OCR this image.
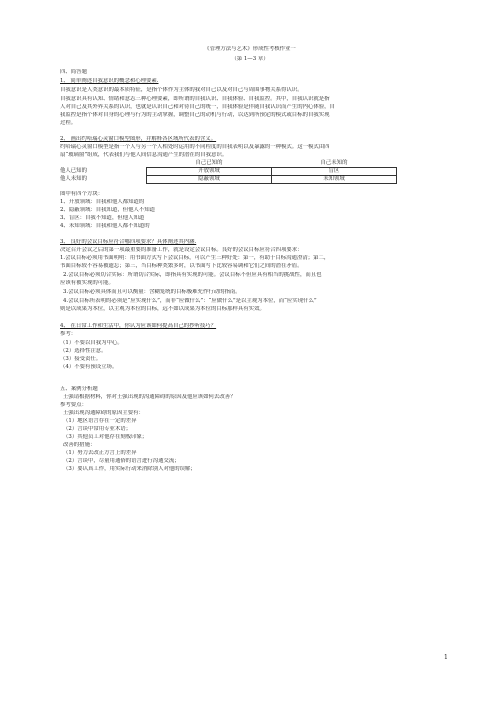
《管理方法与艺术》形成性考核作业一
（第 1—3 章）
四、简答题
1、 简单阐述自我意识的概念和心理要素.
自我意识是人类意识的最本质特征，是指个体作为主体的我对自己以及对自己与周围事物关系得认识。
自我意识具有认知、情绪和意志三种心理要素，即所谓的自我认识、自我体验、自我监控。其中，自我认识就是指
人对自己及其外界关系的认识，也就是认识自己和对待自己的统一，自我体验是伴随自我认识而产生的内心体验，自
我监控是指个体对自身的心理与行为的主动掌握，调整自己的动机与行动，以达到所预定的模式或目标的自我实现
过程。
2、 画出约哈瑞心灵窗口模型图形，并解释各区域所代表的含义。
约哈瑞心灵窗口模型是指一个人与另一个人相处时运用的不同程度的自我表明以及暴露的一种模式。这一模式由四
扇“玻璃窗”组成，代表我们与他人间信息沟通产生的潜在的自我意识。
	自己已知的	自己未知的
他人已知的	开放领域	盲区
他人未知的	隐蔽领域	未知领域
图中有四个方块：
1、开放领域：自我和他人都知道的
2、隐蔽领域：自我知道，但他人不知道
3、盲区：自我不知道，但他人知道
4、未知领域：自我和他人都不知道的
3、 良好的会议目标应符合哪四项要求？具体阐述其内涵.
决定召开会议之后的第一项最重要的准备工作，就是设定会议目标。良好的会议目标应符合四项要求：
1.会议目标必须用书面明明：用书面方式写下会议目标，可以产生三种好处：第一，有助于目标沟通澄清；第二，
书面目标较不容易被遗忘；第三，当目标种类繁多时，以书面写下比较容易调和它们之间的潜在矛盾。
2.会议目标必须切合实际：所谓切合实际，即指具有实现的可能。会议目标不但应具有相当的挑战性，而且也
应该有被实现的可能。
3.会议目标必须具体而且可以衡量：含糊笼统的目标极难充作行动的指南。
4.会议目标所表明的必须是“应实现什么”，而非“应做什么”：“应做什么”是以主观为本位，而“应实现什么”
则是以成果为本位，以主观为本位的目标，远不如以成果为本位的目标那样具有实效。
4、 在日常工作和生活中，你认为应该如何提高自己的抄听技巧？
参考：
（1）不要以自我为中心。
（2）选择性注意。
（3）接受责任。
（4）不要有预设立场。
五、案例分析题
王强请根据材料，你对王强出现的沟通障碍的原因及他应该如何去改善？
参考要点：
王强出现沟通障碍的原因主要有：
（1）地区语言存在一定的差异
（2）言谈中常用专业术语；
（3）其他员工对他存在刻板印象；
改善的措施：
（1）努力去改正方言上的差异
（2）言谈中，尽量用通俗的语言进行沟通交流；
（3）要认真工作，用实际行动来消除别人对他的误解；
1
